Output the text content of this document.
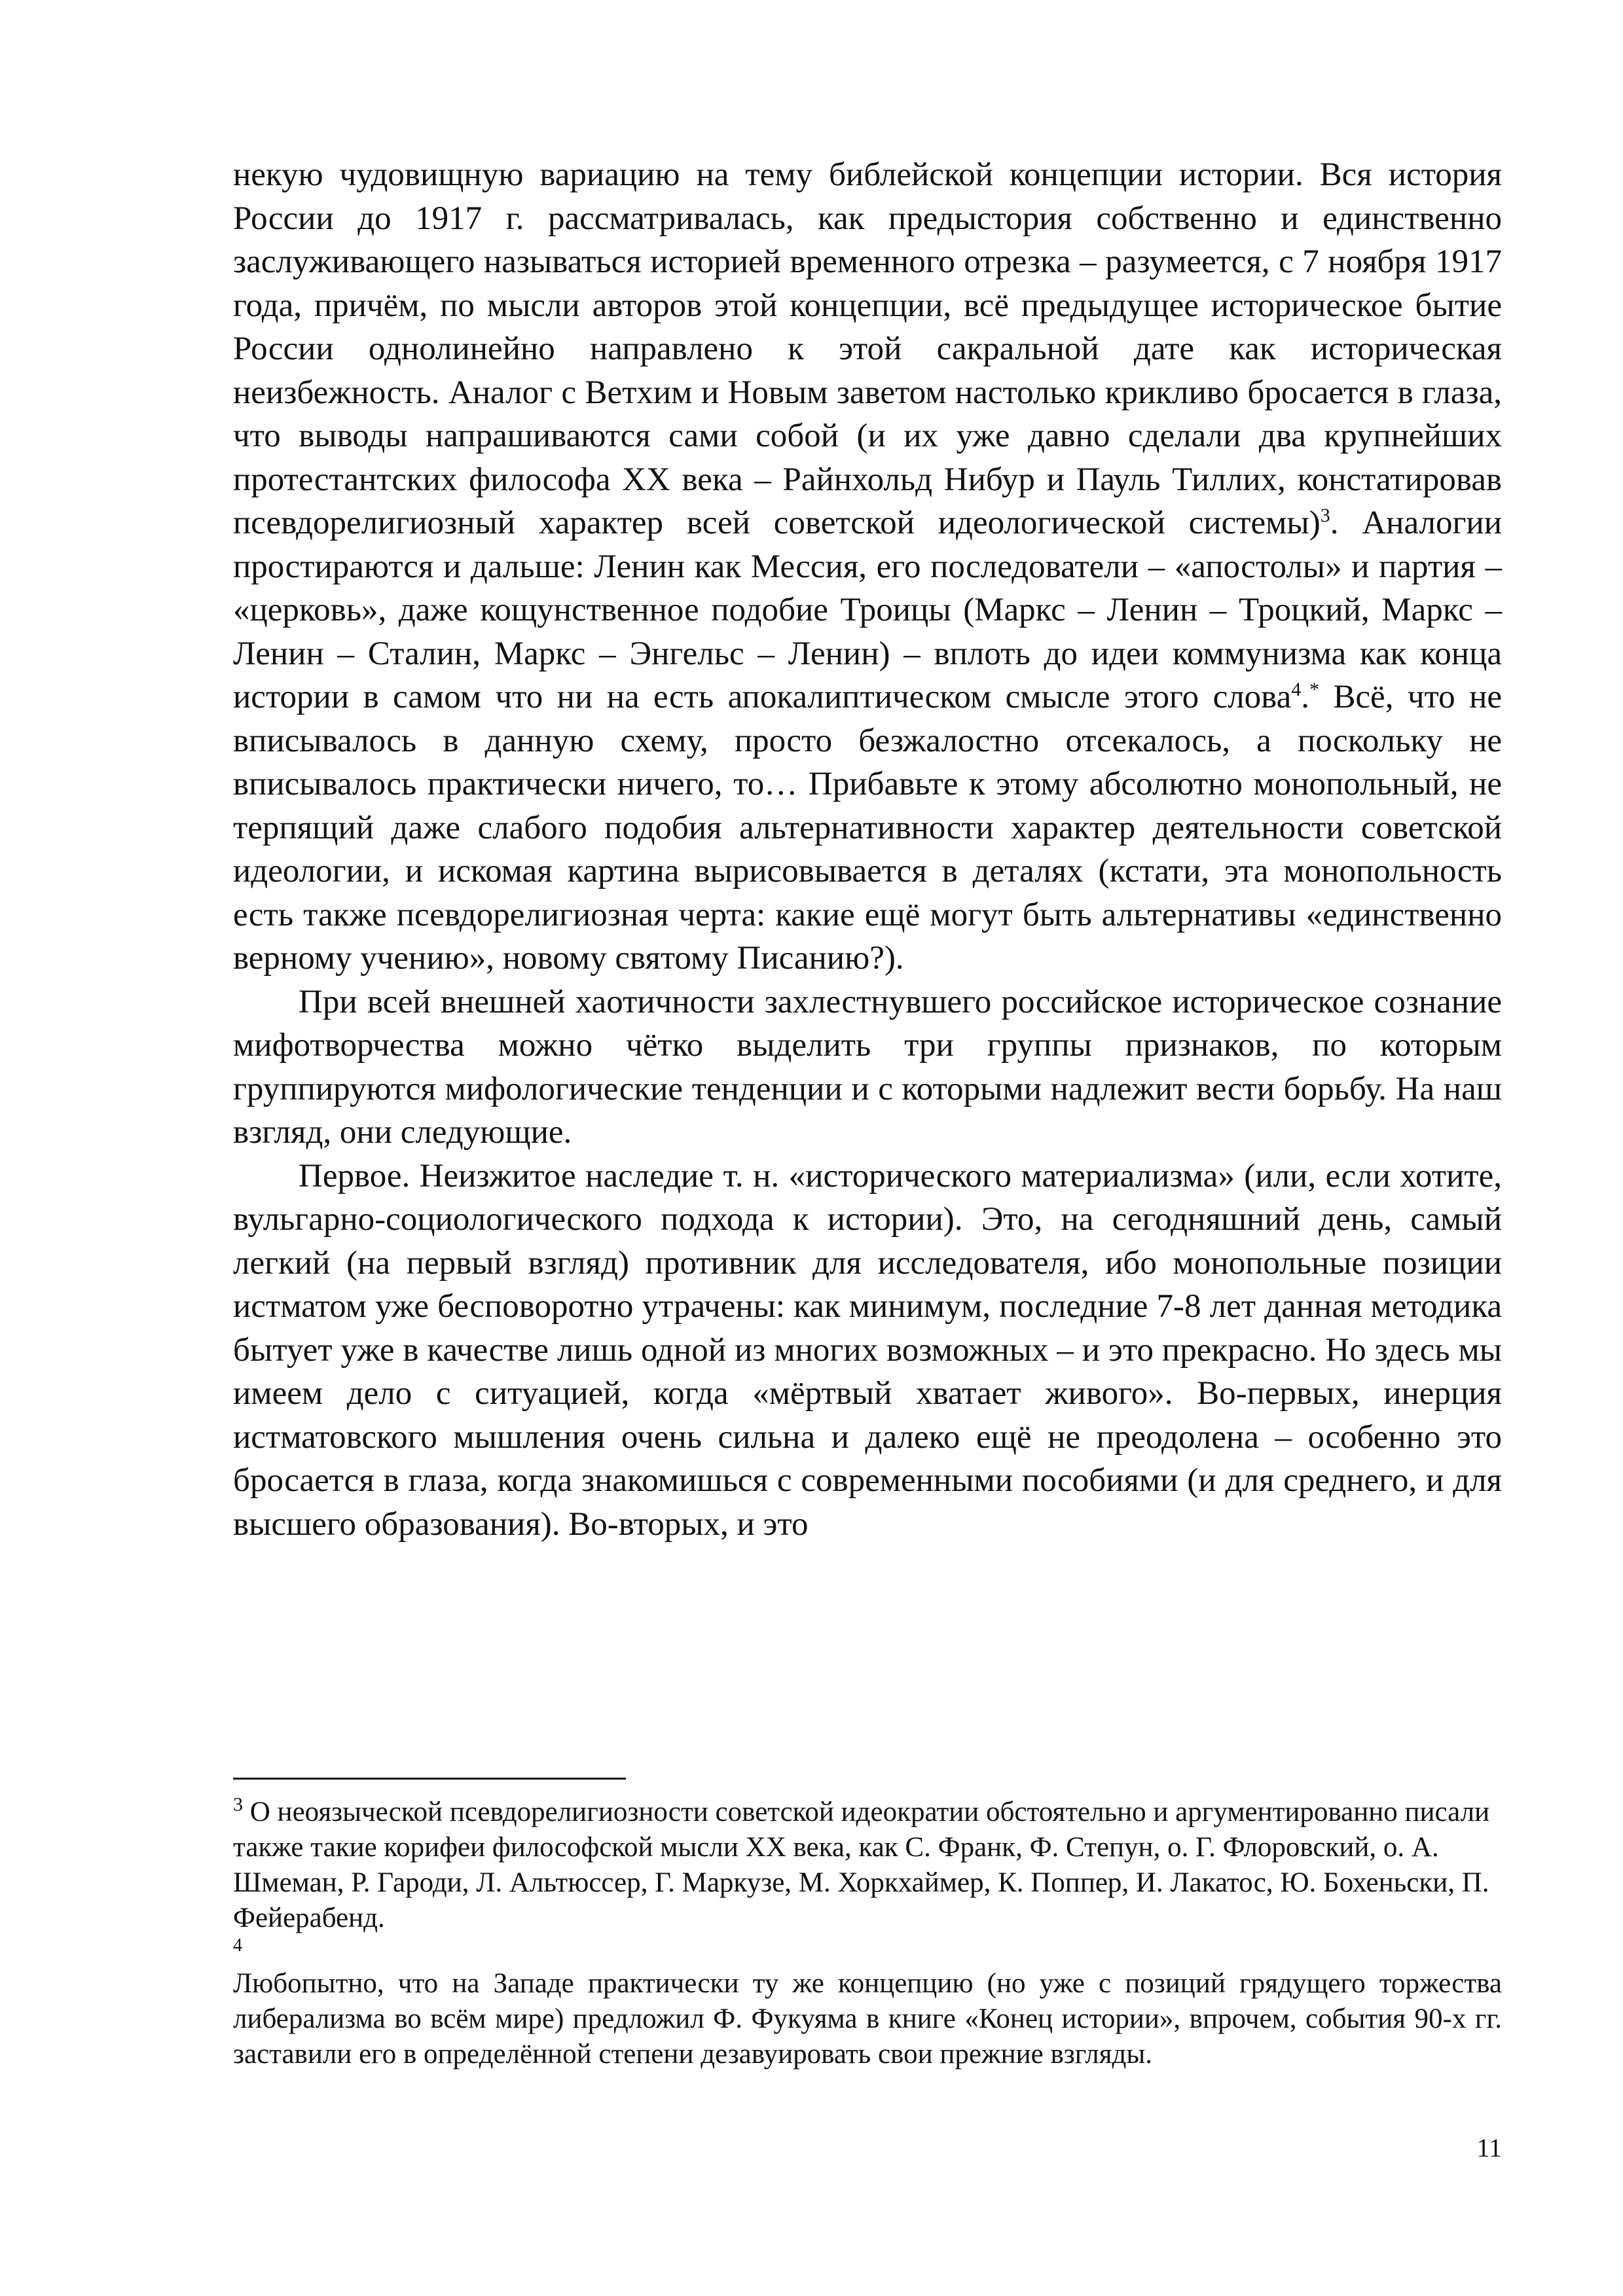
некую чудовищную вариацию на тему библейской концепции истории. Вся история России до 1917 г. рассматривалась, как предыстория собственно и единственно заслуживающего называться историей временного отрезка – разумеется, с 7 ноября 1917 года, причём, по мысли авторов этой концепции, всё предыдущее историческое бытие России однолинейно направлено к этой сакральной дате как историческая неизбежность. Аналог с Ветхим и Новым заветом настолько крикливо бросается в глаза, что выводы напрашиваются сами собой (и их уже давно сделали два крупнейших протестантских философа XX века – Райнхольд Нибур и Пауль Тиллих, констатировав псевдорелигиозный характер всей советской идеологической системы)$^3$. Аналогии простираются и дальше: Ленин как Мессия, его последователи – «апостолы» и партия – «церковь», даже кощунственное подобие Троицы (Маркс – Ленин – Троцкий, Маркс – Ленин – Сталин, Маркс – Энгельс – Ленин) – вплоть до идеи коммунизма как конца истории в самом что ни на есть апокалиптическом смысле этого слова$^4$.* Всё, что не вписывалось в данную схему, просто безжалостно отсекалось, а поскольку не вписывалось практически ничего, то… Прибавьте к этому абсолютно монопольный, не терпящий даже слабого подобия альтернативности характер деятельности советской идеологии, и искомая картина вырисовывается в деталях (кстати, эта монопольность есть также псевдорелигиозная черта: какие ещё могут быть альтернативы «единственно верному учению», новому святому Писанию?).

При всей внешней хаотичности захлестнувшего российское историческое сознание мифотворчества можно чётко выделить три группы признаков, по которым группируются мифологические тенденции и с которыми надлежит вести борьбу. На наш взгляд, они следующие.

Первое. Неизжитое наследие т. н. «исторического материализма» (или, если хотите, вульгарно-социологического подхода к истории). Это, на сегодняшний день, самый легкий (на первый взгляд) противник для исследователя, ибо монопольные позиции истматом уже бесповоротно утрачены: как минимум, последние 7-8 лет данная методика бытует уже в качестве лишь одной из многих возможных – и это прекрасно. Но здесь мы имеем дело с ситуацией, когда «мёртвый хватает живого». Во-первых, инерция истматовского мышления очень сильна и далеко ещё не преодолена – особенно это бросается в глаза, когда знакомишься с современными пособиями (и для среднего, и для высшего образования). Во-вторых, и это

$^3$ О неоязыческой псевдорелигиозности советской идеократии обстоятельно и аргументированно писали также такие корифеи философской мысли XX века, как С. Франк, Ф. Степун, о. Г. Флоровский, о. А. Шмеман, Р. Гароди, Л. Альтюссер, Г. Маркузе, М. Хоркхаймер, К. Поппер, И. Лакатос, Ю. Бохеньски, П. Фейерабенд.

4

Любопытно, что на Западе практически ту же концепцию (но уже с позиций грядущего торжества либерализма во всём мире) предложил Ф. Фукуяма в книге «Конец истории», впрочем, события 90-х гг. заставили его в определённой степени дезавуировать свои прежние взгляды.

11
